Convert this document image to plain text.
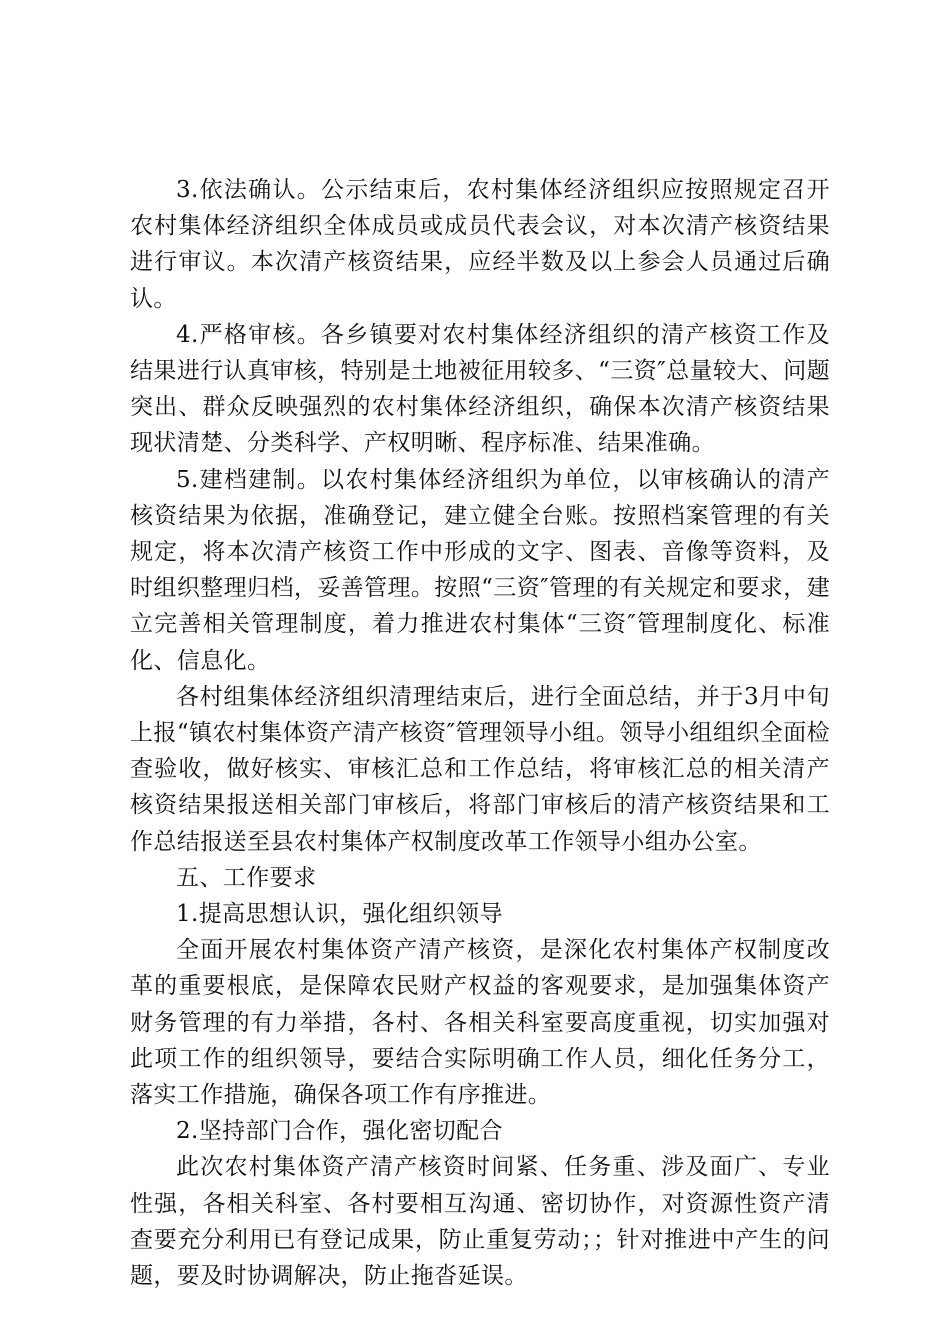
3.依法确认。公示结束后，农村集体经济组织应按照规定召开农村集体经济组织全体成员或成员代表会议，对本次清产核资结果进行审议。本次清产核资结果，应经半数及以上参会人员通过后确认。

4.严格审核。各乡镇要对农村集体经济组织的清产核资工作及结果进行认真审核，特别是土地被征用较多、“三资″总量较大、问题突出、群众反映强烈的农村集体经济组织，确保本次清产核资结果现状清楚、分类科学、产权明晰、程序标准、结果准确。

5.建档建制。以农村集体经济组织为单位，以审核确认的清产核资结果为依据，准确登记，建立健全台账。按照档案管理的有关规定，将本次清产核资工作中形成的文字、图表、音像等资料，及时组织整理归档，妥善管理。按照“三资″管理的有关规定和要求，建立完善相关管理制度，着力推进农村集体“三资″管理制度化、标准化、信息化。

各村组集体经济组织清理结束后，进行全面总结，并于3月中旬上报“镇农村集体资产清产核资″管理领导小组。领导小组组织全面检查验收，做好核实、审核汇总和工作总结，将审核汇总的相关清产核资结果报送相关部门审核后，将部门审核后的清产核资结果和工作总结报送至县农村集体产权制度改革工作领导小组办公室。

五、工作要求

1.提高思想认识，强化组织领导

全面开展农村集体资产清产核资，是深化农村集体产权制度改革的重要根底，是保障农民财产权益的客观要求，是加强集体资产财务管理的有力举措，各村、各相关科室要高度重视，切实加强对此项工作的组织领导，要结合实际明确工作人员，细化任务分工，落实工作措施，确保各项工作有序推进。

2.坚持部门合作，强化密切配合

此次农村集体资产清产核资时间紧、任务重、涉及面广、专业性强，各相关科室、各村要相互沟通、密切协作，对资源性资产清查要充分利用已有登记成果，防止重复劳动；；针对推进中产生的问题，要及时协调解决，防止拖沓延误。
